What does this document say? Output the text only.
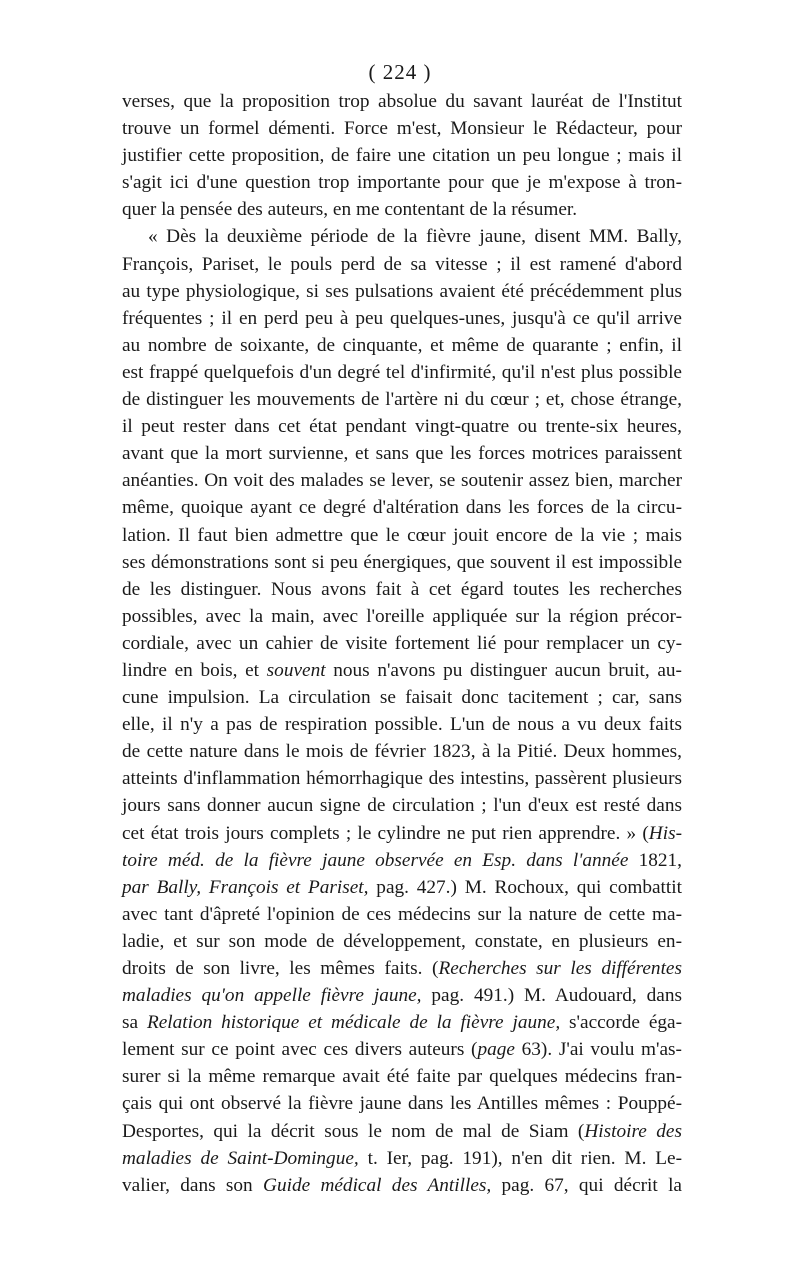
( 224 )
verses, que la proposition trop absolue du savant lauréat de l'Institut
trouve un formel démenti. Force m'est, Monsieur le Rédacteur, pour
justifier cette proposition, de faire une citation un peu longue ; mais il
s'agit ici d'une question trop importante pour que je m'expose à tron-
quer la pensée des auteurs, en me contentant de la résumer.
« Dès la deuxième période de la fièvre jaune, disent MM. Bally,
François, Pariset, le pouls perd de sa vitesse ; il est ramené d'abord
au type physiologique, si ses pulsations avaient été précédemment plus
fréquentes ; il en perd peu à peu quelques-unes, jusqu'à ce qu'il arrive
au nombre de soixante, de cinquante, et même de quarante ; enfin, il
est frappé quelquefois d'un degré tel d'infirmité, qu'il n'est plus possible
de distinguer les mouvements de l'artère ni du cœur ; et, chose étrange,
il peut rester dans cet état pendant vingt-quatre ou trente-six heures,
avant que la mort survienne, et sans que les forces motrices paraissent
anéanties. On voit des malades se lever, se soutenir assez bien, marcher
même, quoique ayant ce degré d'altération dans les forces de la circu-
lation. Il faut bien admettre que le cœur jouit encore de la vie ; mais
ses démonstrations sont si peu énergiques, que souvent il est impossible
de les distinguer. Nous avons fait à cet égard toutes les recherches
possibles, avec la main, avec l'oreille appliquée sur la région précor-
cordiale, avec un cahier de visite fortement lié pour remplacer un cy-
lindre en bois, et souvent nous n'avons pu distinguer aucun bruit, au-
cune impulsion. La circulation se faisait donc tacitement ; car, sans
elle, il n'y a pas de respiration possible. L'un de nous a vu deux faits
de cette nature dans le mois de février 1823, à la Pitié. Deux hommes,
atteints d'inflammation hémorrhagique des intestins, passèrent plusieurs
jours sans donner aucun signe de circulation ; l'un d'eux est resté dans
cet état trois jours complets ; le cylindre ne put rien apprendre. » (His-
toire méd. de la fièvre jaune observée en Esp. dans l'année 1821,
par Bally, François et Pariset, pag. 427.) M. Rochoux, qui combattit
avec tant d'âpreté l'opinion de ces médecins sur la nature de cette ma-
ladie, et sur son mode de développement, constate, en plusieurs en-
droits de son livre, les mêmes faits. (Recherches sur les différentes
maladies qu'on appelle fièvre jaune, pag. 491.) M. Audouard, dans
sa Relation historique et médicale de la fièvre jaune, s'accorde éga-
lement sur ce point avec ces divers auteurs (page 63). J'ai voulu m'as-
surer si la même remarque avait été faite par quelques médecins fran-
çais qui ont observé la fièvre jaune dans les Antilles mêmes : Pouppé-
Desportes, qui la décrit sous le nom de mal de Siam (Histoire des
maladies de Saint-Domingue, t. Ier, pag. 191), n'en dit rien. M. Le-
valier, dans son Guide médical des Antilles, pag. 67, qui décrit la
